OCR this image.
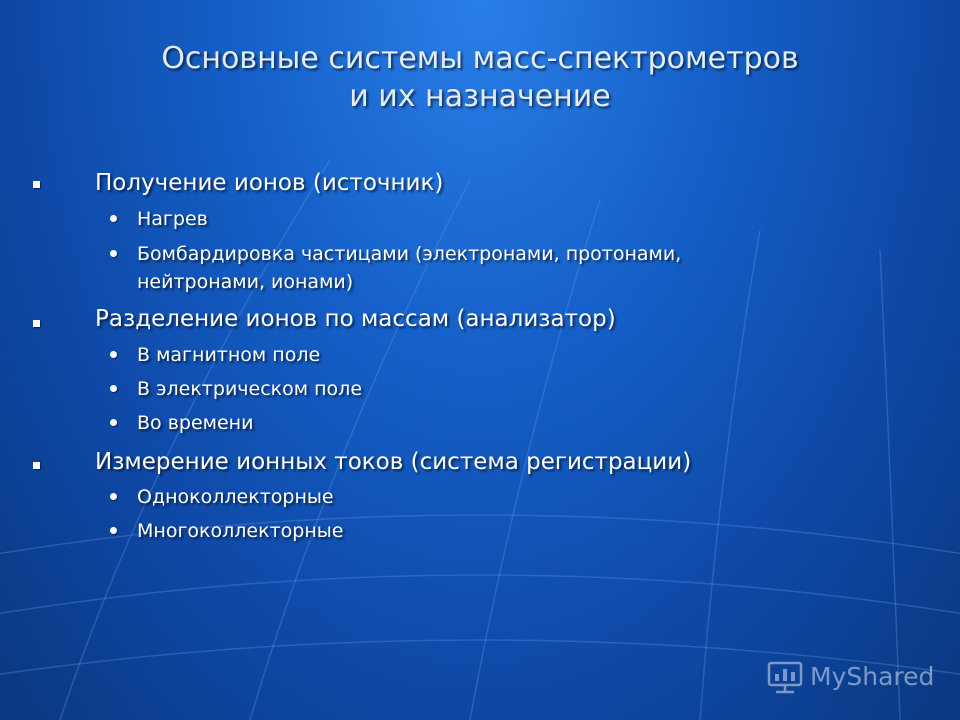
Основные системы масс-спектрометров
и их назначение
Получение ионов (источник)
Нагрев
Бомбардировка частицами (электронами, протонами,
нейтронами, ионами)
Разделение ионов по массам (анализатор)
В магнитном поле
В электрическом поле
Во времени
Измерение ионных токов (система регистрации)
Одноколлекторные
Многоколлекторные
MyShared
